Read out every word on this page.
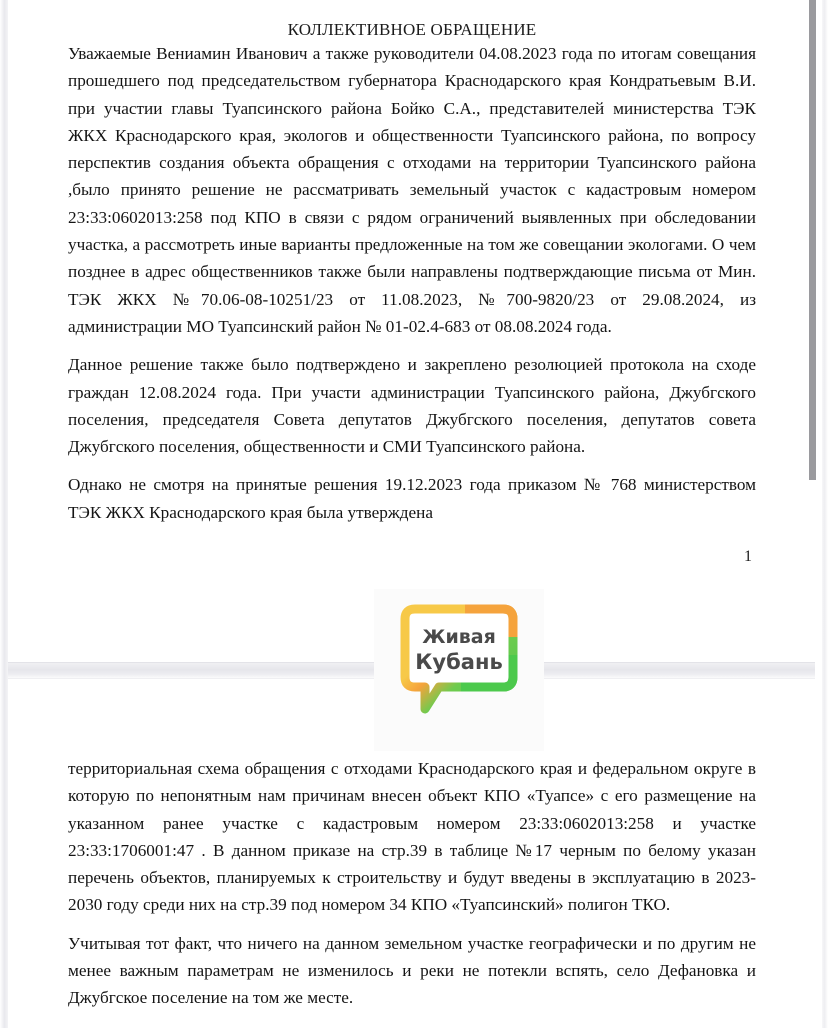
КОЛЛЕКТИВНОЕ ОБРАЩЕНИЕ

Уважаемые Вениамин Иванович а также руководители 04.08.2023 года по итогам совещания прошедшего под председательством губернатора Краснодарского края Кондратьевым В.И. при участии главы Туапсинского района Бойко С.А., представителей министерства ТЭК ЖКХ Краснодарского края, экологов и общественности Туапсинского района, по вопросу перспектив создания объекта обращения с отходами на территории Туапсинского района ,было принято решение не рассматривать земельный участок с кадастровым номером 23:33:0602013:258 под КПО в связи с рядом ограничений выявленных при обследовании участка, а рассмотреть иные варианты предложенные на том же совещании экологами. О чем позднее в адрес общественников также были направлены подтверждающие письма от Мин. ТЭК ЖКХ №70.06-08-10251/23 от 11.08.2023, №700-9820/23 от 29.08.2024, из администрации МО Туапсинский район № 01-02.4-683 от 08.08.2024 года.

Данное решение также было подтверждено и закреплено резолюцией протокола на сходе граждан 12.08.2024 года. При участи администрации Туапсинского района, Джубгского поселения, председателя Совета депутатов Джубгского поселения, депутатов совета Джубгского поселения, общественности и СМИ Туапсинского района.

Однако не смотря на принятые решения 19.12.2023 года приказом № 768 министерством ТЭК ЖКХ Краснодарского края была утверждена

1

территориальная схема обращения с отходами Краснодарского края и федеральном округе в которую по непонятным нам причинам внесен объект КПО «Туапсе» с его размещение на указанном ранее участке с кадастровым номером 23:33:0602013:258 и участке 23:33:1706001:47 . В данном приказе на стр.39 в таблице №17 черным по белому указан перечень объектов, планируемых к строительству и будут введены в эксплуатацию в 2023-2030 году среди них на стр.39 под номером 34 КПО «Туапсинский» полигон ТКО.

Учитывая тот факт, что ничего на данном земельном участке географически и по другим не менее важным параметрам не изменилось и реки не потекли вспять, село Дефановка и Джубгское поселение на том же месте.

Живая
Кубань
